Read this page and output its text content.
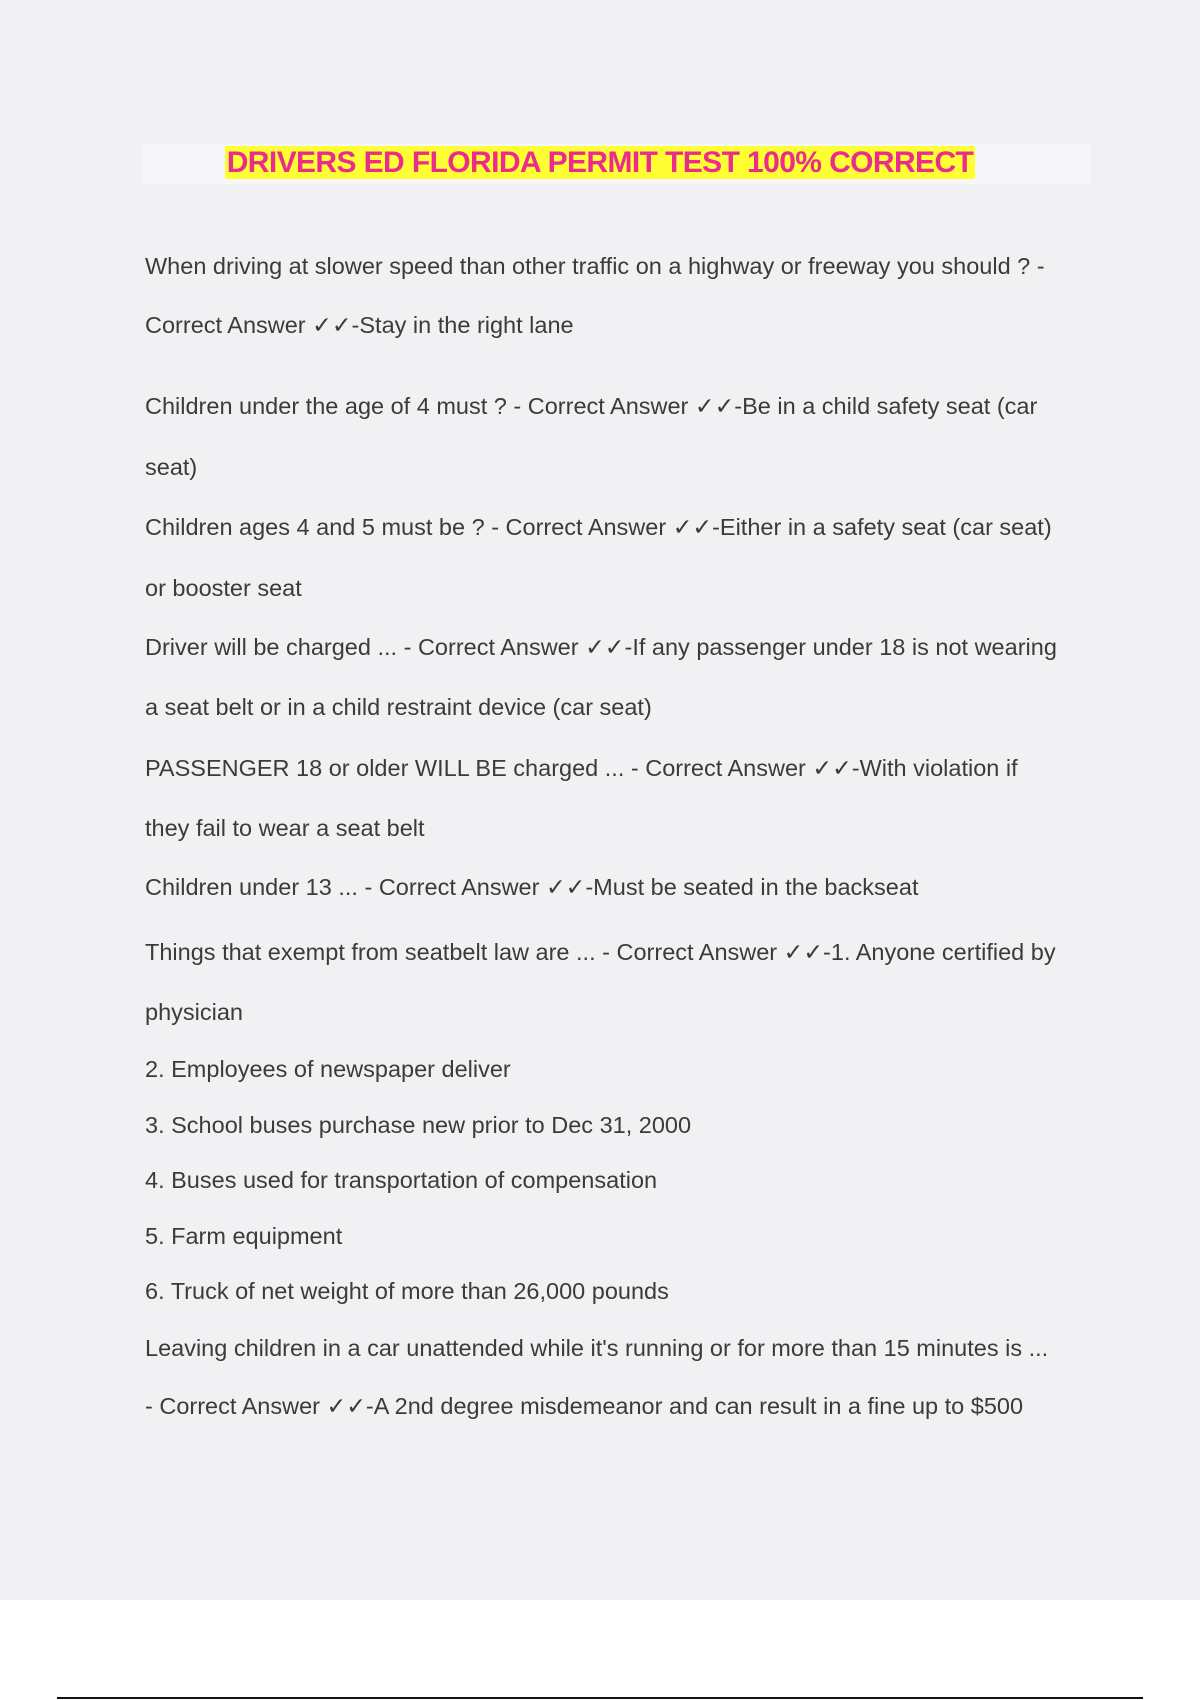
DRIVERS ED FLORIDA PERMIT TEST 100% CORRECT
When driving at slower speed than other traffic on a highway or freeway you should ? -
Correct Answer ✓✓-Stay in the right lane
Children under the age of 4 must ? - Correct Answer ✓✓-Be in a child safety seat (car
seat)
Children ages 4 and 5 must be ? - Correct Answer ✓✓-Either in a safety seat (car seat)
or booster seat
Driver will be charged ... - Correct Answer ✓✓-If any passenger under 18 is not wearing
a seat belt or in a child restraint device (car seat)
PASSENGER 18 or older WILL BE charged ... - Correct Answer ✓✓-With violation if
they fail to wear a seat belt
Children under 13 ... - Correct Answer ✓✓-Must be seated in the backseat
Things that exempt from seatbelt law are ... - Correct Answer ✓✓-1. Anyone certified by
physician
2. Employees of newspaper deliver
3. School buses purchase new prior to Dec 31, 2000
4. Buses used for transportation of compensation
5. Farm equipment
6. Truck of net weight of more than 26,000 pounds
Leaving children in a car unattended while it's running or for more than 15 minutes is ...
- Correct Answer ✓✓-A 2nd degree misdemeanor and can result in a fine up to $500
